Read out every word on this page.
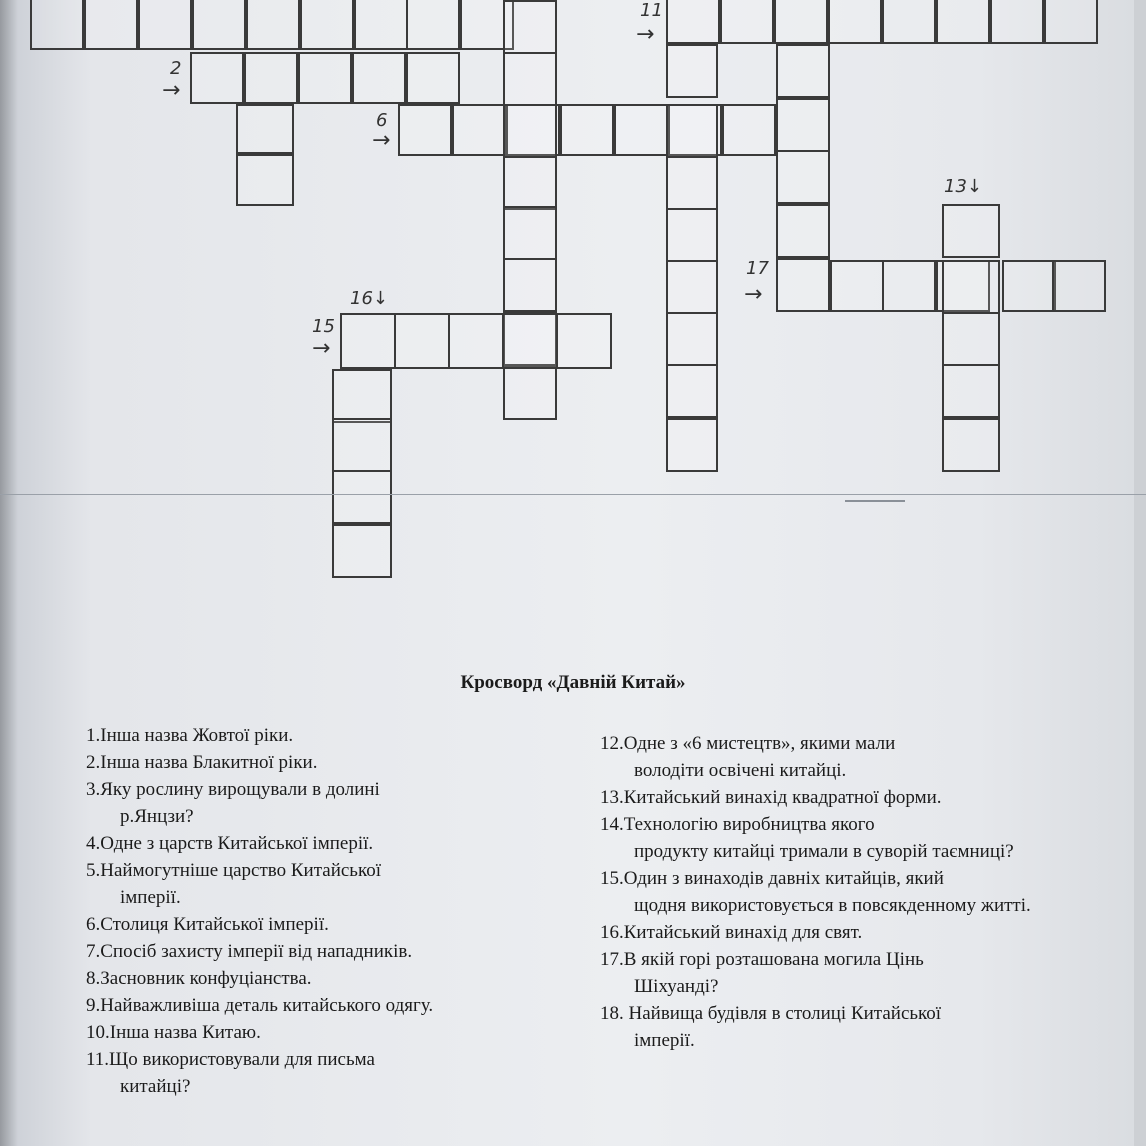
2
→
6
→
11
→
13↓
17
→
16↓
15
→
Кросворд «Давній Китай»
1.Інша назва Жовтої ріки.
2.Інша назва Блакитної ріки.
3.Яку рослину вирощували в долині
р.Янцзи?
4.Одне з царств Китайської імперії.
5.Наймогутніше царство Китайської
імперії.
6.Столиця Китайської імперії.
7.Спосіб захисту імперії від нападників.
8.Засновник конфуціанства.
9.Найважливіша деталь китайського одягу.
10.Інша назва Китаю.
11.Що використовували для письма
китайці?
12.Одне з «6 мистецтв», якими мали
володіти освічені китайці.
13.Китайський винахід квадратної форми.
14.Технологію виробництва якого
продукту китайці тримали в суворій таємниці?
15.Один з винаходів давніх китайців, який
щодня використовується в повсякденному житті.
16.Китайський винахід для свят.
17.В якій горі розташована могила Цінь
Шіхуанді?
18. Найвища будівля в столиці Китайської
імперії.
